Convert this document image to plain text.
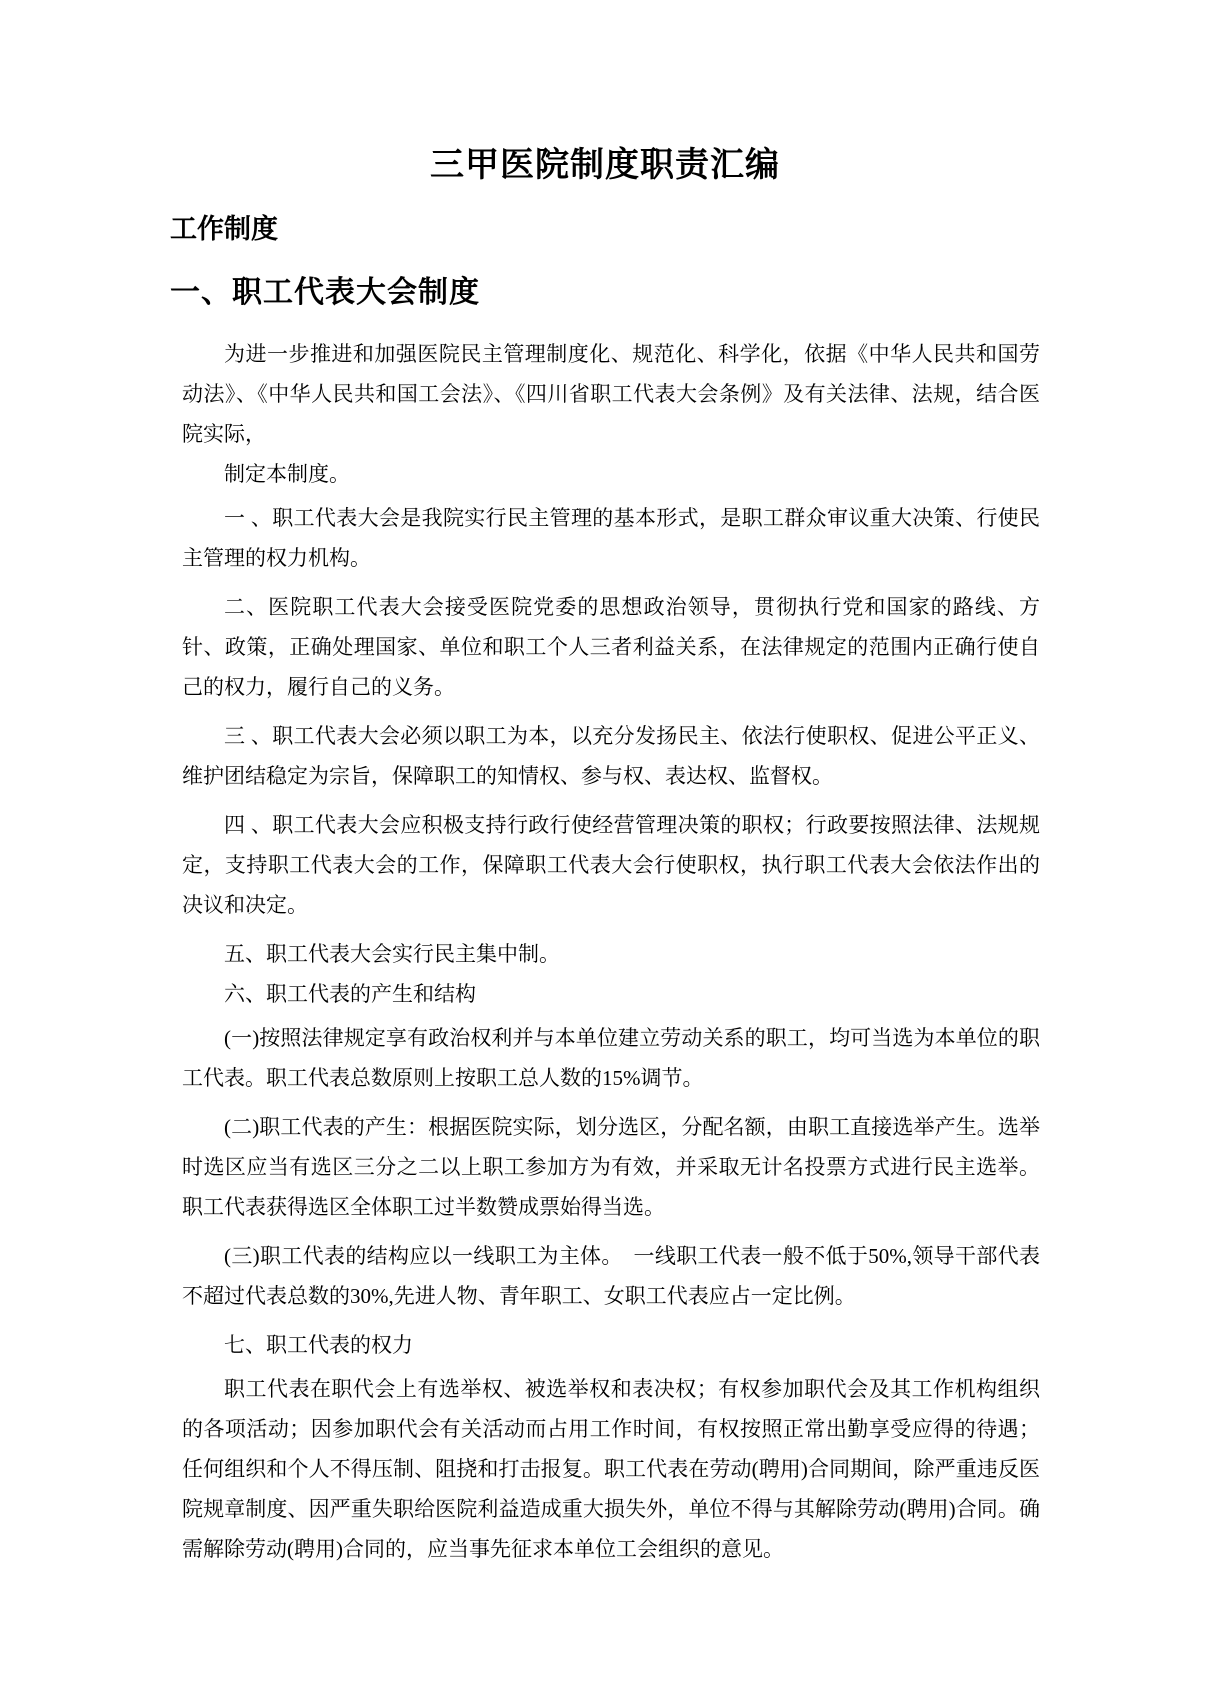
三甲医院制度职责汇编
工作制度
一、职工代表大会制度

为进一步推进和加强医院民主管理制度化、规范化、科学化，依据《中华人民共和国劳动法》、《中华人民共和国工会法》、《四川省职工代表大会条例》及有关法律、法规，结合医院实际，

制定本制度。

一 、职工代表大会是我院实行民主管理的基本形式，是职工群众审议重大决策、行使民主管理的权力机构。

二、医院职工代表大会接受医院党委的思想政治领导，贯彻执行党和国家的路线、方针、政策，正确处理国家、单位和职工个人三者利益关系，在法律规定的范围内正确行使自己的权力，履行自己的义务。

三 、职工代表大会必须以职工为本，以充分发扬民主、依法行使职权、促进公平正义、维护团结稳定为宗旨，保障职工的知情权、参与权、表达权、监督权。

四 、职工代表大会应积极支持行政行使经营管理决策的职权；行政要按照法律、法规规定，支持职工代表大会的工作，保障职工代表大会行使职权，执行职工代表大会依法作出的决议和决定。

五、职工代表大会实行民主集中制。

六、职工代表的产生和结构

(一)按照法律规定享有政治权利并与本单位建立劳动关系的职工，均可当选为本单位的职工代表。职工代表总数原则上按职工总人数的15%调节。

(二)职工代表的产生：根据医院实际，划分选区，分配名额，由职工直接选举产生。选举时选区应当有选区三分之二以上职工参加方为有效，并采取无计名投票方式进行民主选举。职工代表获得选区全体职工过半数赞成票始得当选。

(三)职工代表的结构应以一线职工为主体。　一线职工代表一般不低于50%,领导干部代表不超过代表总数的30%,先进人物、青年职工、女职工代表应占一定比例。

七、职工代表的权力

职工代表在职代会上有选举权、被选举权和表决权；有权参加职代会及其工作机构组织的各项活动；因参加职代会有关活动而占用工作时间，有权按照正常出勤享受应得的待遇；任何组织和个人不得压制、阻挠和打击报复。职工代表在劳动(聘用)合同期间，除严重违反医院规章制度、因严重失职给医院利益造成重大损失外，单位不得与其解除劳动(聘用)合同。确需解除劳动(聘用)合同的，应当事先征求本单位工会组织的意见。
